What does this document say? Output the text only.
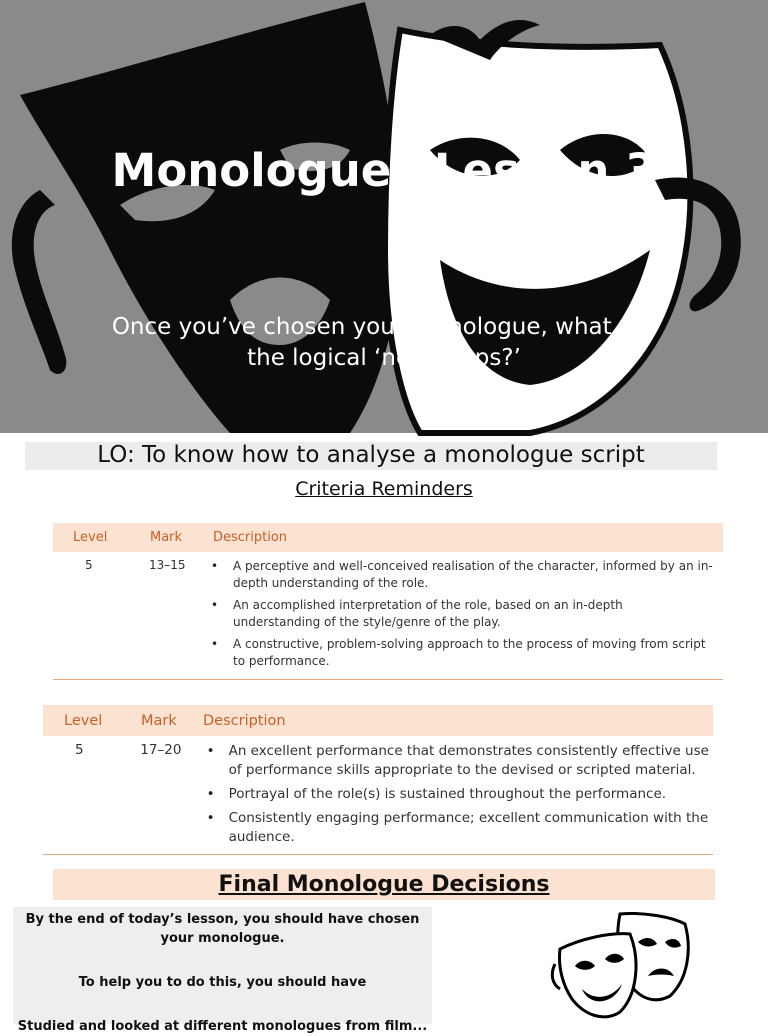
Monologues Lesson 3
Once you’ve chosen your monologue, what are the logical ‘next steps?’
LO: To know how to analyse a monologue script
Criteria Reminders
Level	Mark	Description
5	13–15	• A perceptive and well-conceived realisation of the character, informed by an in-depth understanding of the role.
• An accomplished interpretation of the role, based on an in-depth understanding of the style/genre of the play.
• A constructive, problem-solving approach to the process of moving from script to performance.
Level	Mark	Description
5	17–20	• An excellent performance that demonstrates consistently effective use of performance skills appropriate to the devised or scripted material.
• Portrayal of the role(s) is sustained throughout the performance.
• Consistently engaging performance; excellent communication with the audience.
Final Monologue Decisions
By the end of today’s lesson, you should have chosen your monologue.
To help you to do this, you should have
Studied and looked at different monologues from film...
